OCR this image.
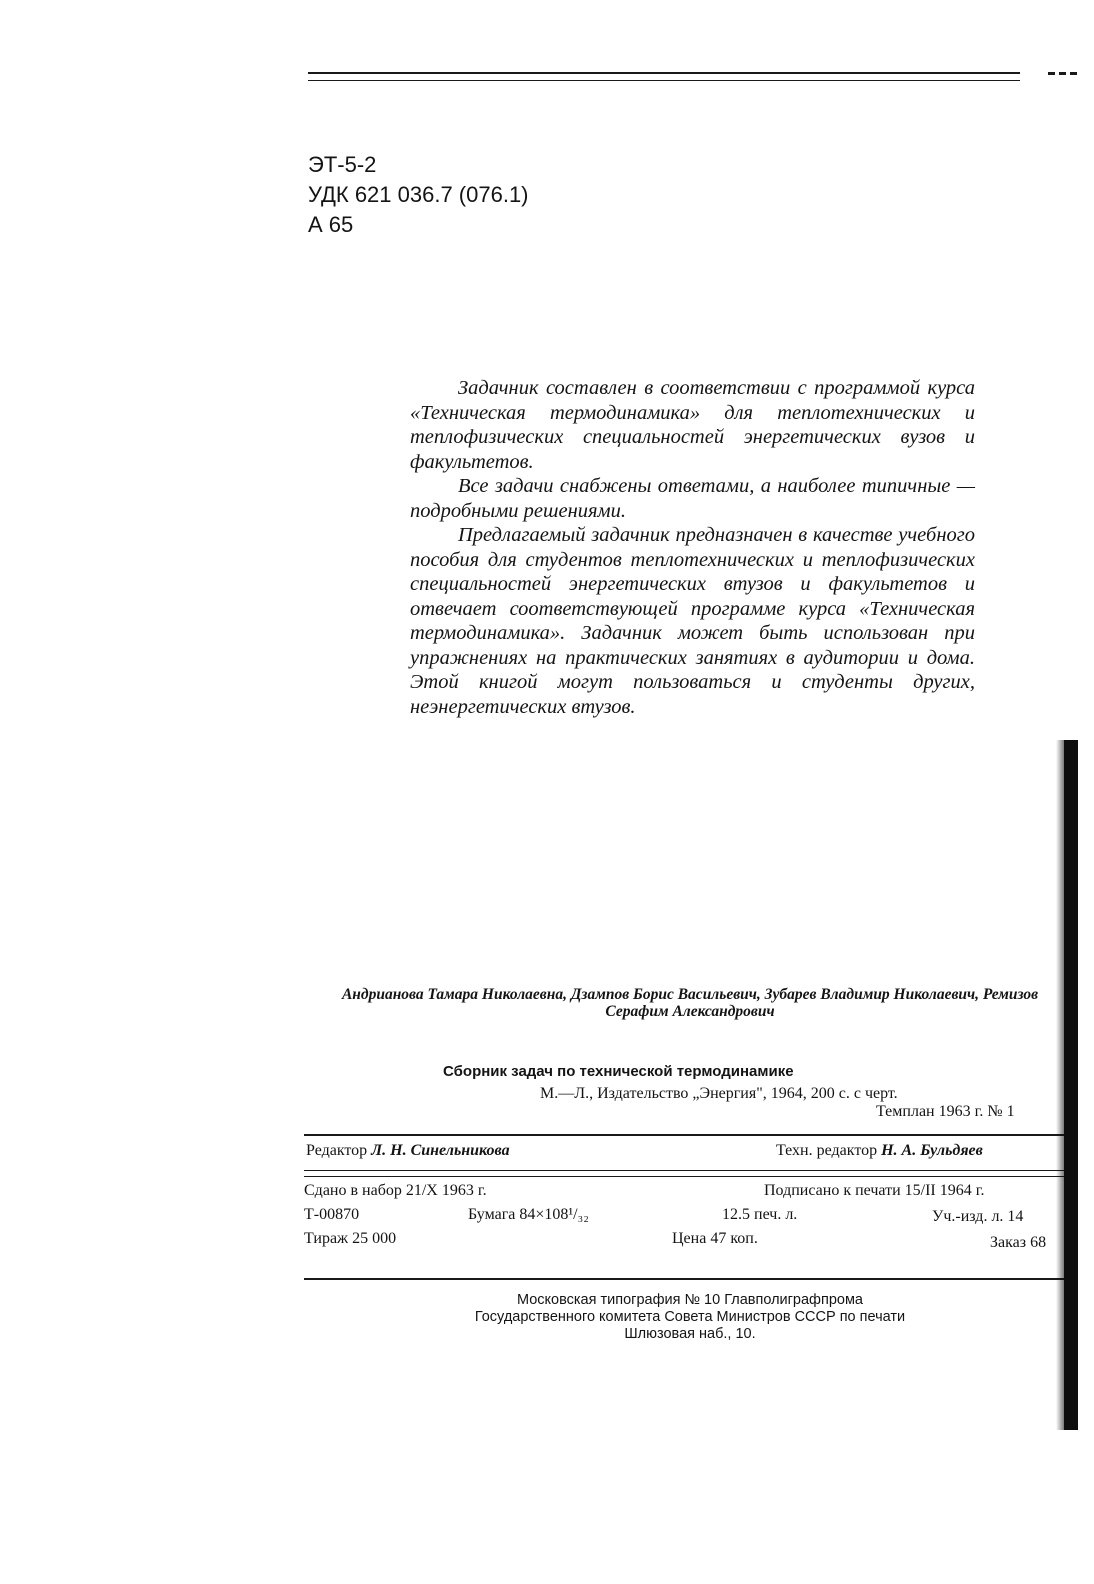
ЭТ-5-2
УДК 621 036.7 (076.1)
А 65

Задачник составлен в соответствии с программой курса «Техническая термодинамика» для теплотехнических и теплофизических специальностей энергетических вузов и факультетов.

Все задачи снабжены ответами, а наиболее типичные — подробными решениями.

Предлагаемый задачник предназначен в качестве учебного пособия для студентов теплотехнических и теплофизических специальностей энергетических втузов и факультетов и отвечает соответствующей программе курса «Техническая термодинамика». Задачник может быть использован при упражнениях на практических занятиях в аудитории и дома. Этой книгой могут пользоваться и студенты других, неэнергетических втузов.

Андрианова Тамара Николаевна, Дзампов Борис Васильевич, Зубарев Владимир Николаевич, Ремизов Серафим Александрович
Сборник задач по технической термодинамике
М.—Л., Издательство „Энергия", 1964, 200 с. с черт.
Темплан 1963 г. № 1
Редактор Л. Н. Синельникова	Техн. редактор Н. А. Бульдяев
Сдано в набор 21/X 1963 г.	Подписано к печати 15/II 1964 г.
Т-00870	Бумага 84×108¹/₃₂	12.5 печ. л.	Уч.-изд. л. 14
Тираж 25 000	Цена 47 коп.	Заказ 68
Московская типография № 10 Главполиграфпрома
Государственного комитета Совета Министров СССР по печати
Шлюзовая наб., 10.
